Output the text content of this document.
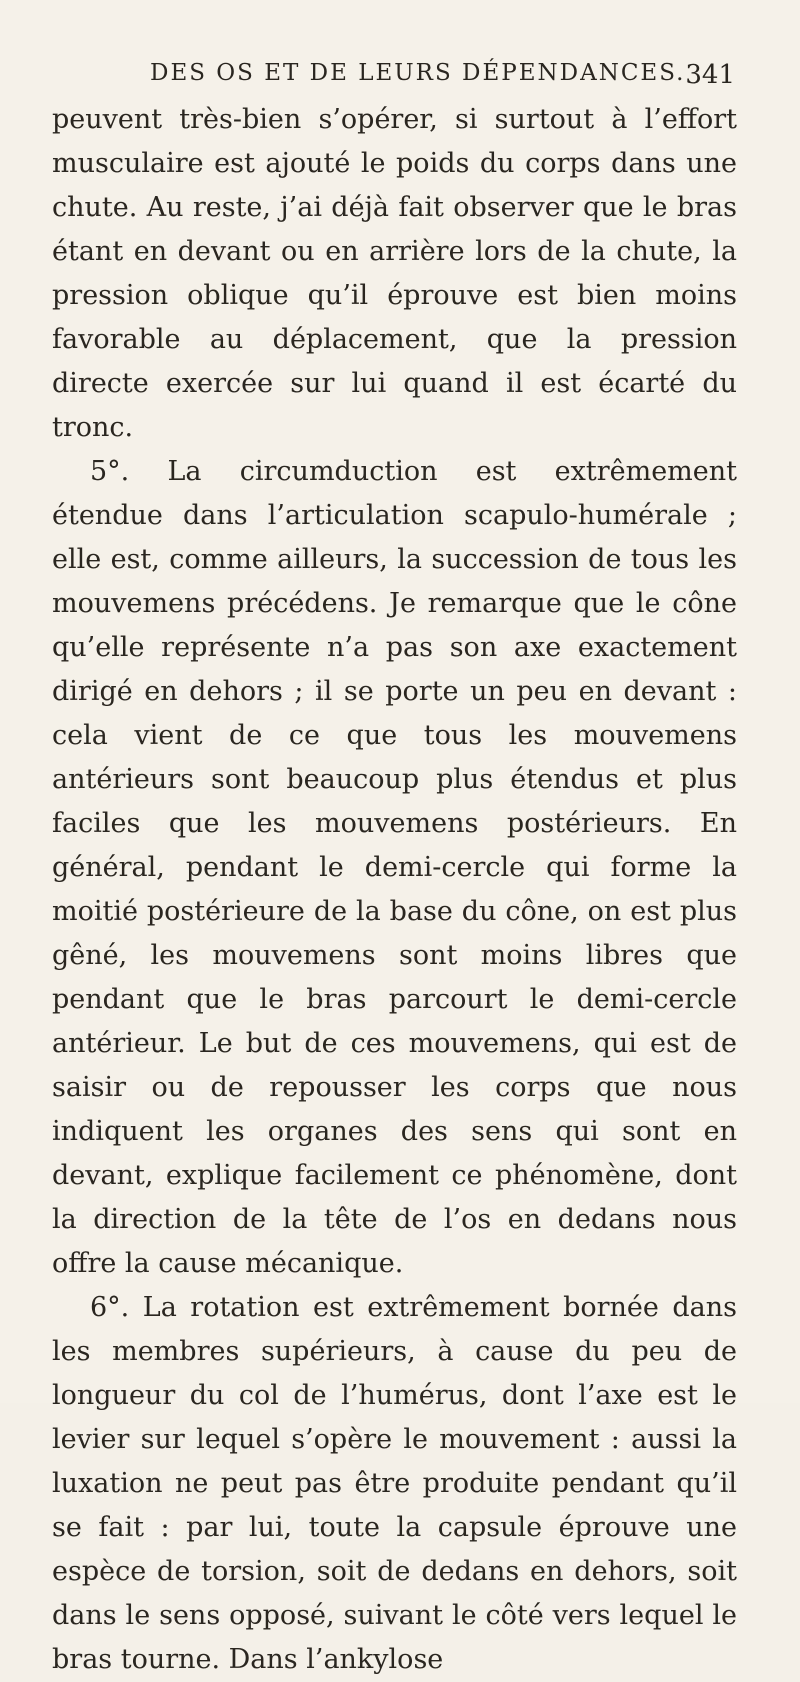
DES OS ET DE LEURS DÉPENDANCES. 341

peuvent très-bien s’opérer, si surtout à l’effort musculaire est ajouté le poids du corps dans une chute. Au reste, j’ai déjà fait observer que le bras étant en devant ou en arrière lors de la chute, la pression oblique qu’il éprouve est bien moins favorable au déplacement, que la pression directe exercée sur lui quand il est écarté du tronc.

5°. La circumduction est extrêmement étendue dans l’articulation scapulo-humérale ; elle est, comme ailleurs, la succession de tous les mouvemens précédens. Je remarque que le cône qu’elle représente n’a pas son axe exactement dirigé en dehors ; il se porte un peu en devant : cela vient de ce que tous les mouvemens antérieurs sont beaucoup plus étendus et plus faciles que les mouvemens postérieurs. En général, pendant le demi-cercle qui forme la moitié postérieure de la base du cône, on est plus gêné, les mouvemens sont moins libres que pendant que le bras parcourt le demi-cercle antérieur. Le but de ces mouvemens, qui est de saisir ou de repousser les corps que nous indiquent les organes des sens qui sont en devant, explique facilement ce phénomène, dont la direction de la tête de l’os en dedans nous offre la cause mécanique.

6°. La rotation est extrêmement bornée dans les membres supérieurs, à cause du peu de longueur du col de l’humérus, dont l’axe est le levier sur lequel s’opère le mouvement : aussi la luxation ne peut pas être produite pendant qu’il se fait : par lui, toute la capsule éprouve une espèce de torsion, soit de dedans en dehors, soit dans le sens opposé, suivant le côté vers lequel le bras tourne. Dans l’ankylose
